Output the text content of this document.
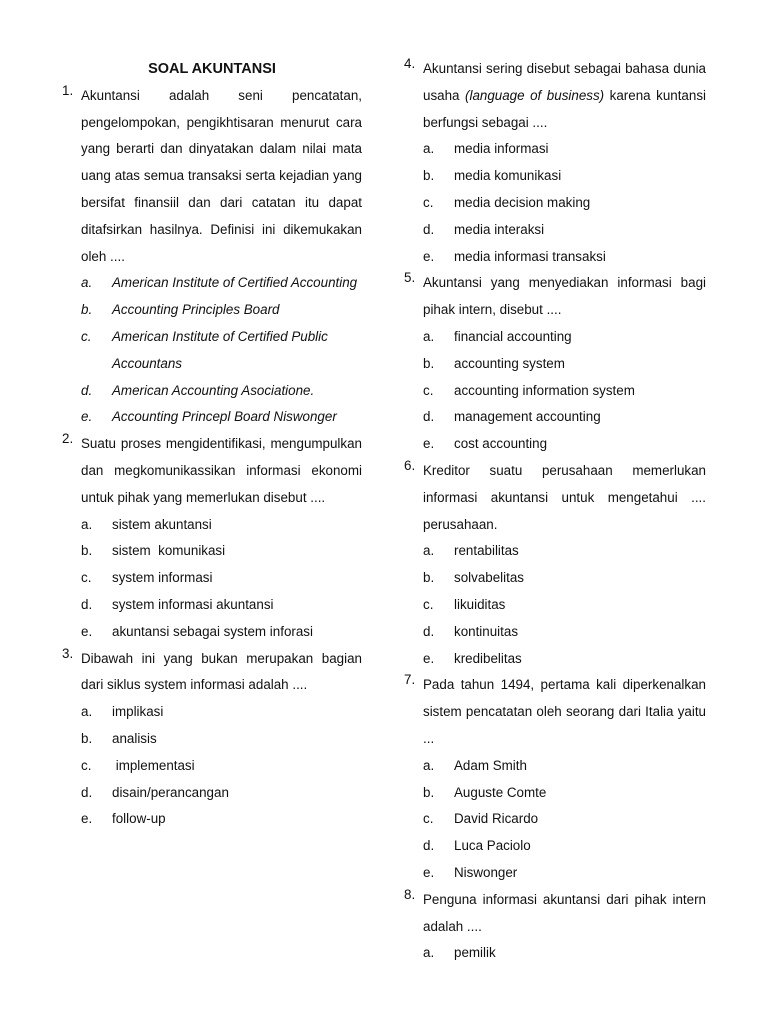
SOAL AKUNTANSI
1. Akuntansi adalah seni pencatatan, pengelompokan, pengikhtisaran menurut cara yang berarti dan dinyatakan dalam nilai mata uang atas semua transaksi serta kejadian yang bersifat finansiil dan dari catatan itu dapat ditafsirkan hasilnya. Definisi ini dikemukakan oleh ....
a.	American Institute of Certified Accounting
b.	Accounting Principles Board
c.	American Institute of Certified Public Accountans
d.	American Accounting Asociatione.
e.	Accounting Princepl Board Niswonger
2. Suatu proses mengidentifikasi, mengumpulkan dan megkomunikassikan informasi ekonomi untuk pihak yang memerlukan disebut ....
a.	sistem akuntansi
b.	sistem  komunikasi
c.	system informasi
d.	system informasi akuntansi
e.	akuntansi sebagai system inforasi
3. Dibawah ini yang bukan merupakan bagian dari siklus system informasi adalah ....
a.	implikasi
b.	analisis
c.	implementasi
d.	disain/perancangan
e.	follow-up
4. Akuntansi sering disebut sebagai bahasa dunia usaha (language of business) karena kuntansi berfungsi sebagai ....
a.	media informasi
b.	media komunikasi
c.	media decision making
d.	media interaksi
e.	media informasi transaksi
5. Akuntansi yang menyediakan informasi bagi pihak intern, disebut ....
a.	financial accounting
b.	accounting system
c.	accounting information system
d.	management accounting
e.	cost accounting
6. Kreditor suatu perusahaan memerlukan informasi akuntansi untuk mengetahui .... perusahaan.
a.	rentabilitas
b.	solvabelitas
c.	likuiditas
d.	kontinuitas
e.	kredibelitas
7. Pada tahun 1494, pertama kali diperkenalkan sistem pencatatan oleh seorang dari Italia yaitu ...
a.	Adam Smith
b.	Auguste Comte
c.	David Ricardo
d.	Luca Paciolo
e.	Niswonger
8. Penguna informasi akuntansi dari pihak intern adalah ....
a.	pemilik
